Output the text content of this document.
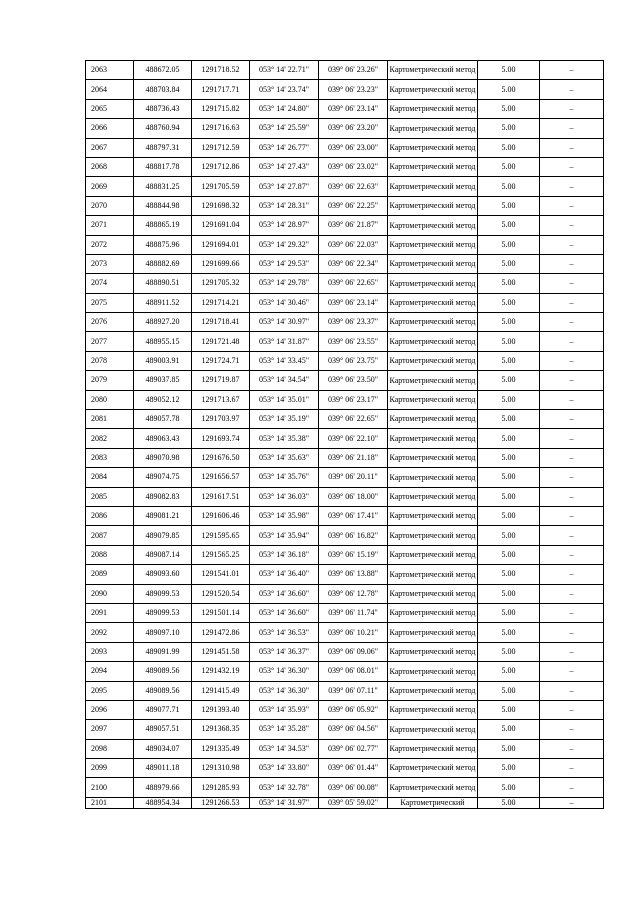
2063	488672.05	1291718.52	053° 14' 22.71"	039° 06' 23.26"	Картометрический метод	5.00	–
2064	488703.84	1291717.71	053° 14' 23.74"	039° 06' 23.23"	Картометрический метод	5.00	–
2065	488736.43	1291715.82	053° 14' 24.80"	039° 06' 23.14"	Картометрический метод	5.00	–
2066	488760.94	1291716.63	053° 14' 25.59"	039° 06' 23.20"	Картометрический метод	5.00	–
2067	488797.31	1291712.59	053° 14' 26.77"	039° 06' 23.00"	Картометрический метод	5.00	–
2068	488817.78	1291712.86	053° 14' 27.43"	039° 06' 23.02"	Картометрический метод	5.00	–
2069	488831.25	1291705.59	053° 14' 27.87"	039° 06' 22.63"	Картометрический метод	5.00	–
2070	488844.98	1291698.32	053° 14' 28.31"	039° 06' 22.25"	Картометрический метод	5.00	–
2071	488865.19	1291691.04	053° 14' 28.97"	039° 06' 21.87"	Картометрический метод	5.00	–
2072	488875.96	1291694.01	053° 14' 29.32"	039° 06' 22.03"	Картометрический метод	5.00	–
2073	488882.69	1291699.66	053° 14' 29.53"	039° 06' 22.34"	Картометрический метод	5.00	–
2074	488890.51	1291705.32	053° 14' 29.78"	039° 06' 22.65"	Картометрический метод	5.00	–
2075	488911.52	1291714.21	053° 14' 30.46"	039° 06' 23.14"	Картометрический метод	5.00	–
2076	488927.20	1291718.41	053° 14' 30.97"	039° 06' 23.37"	Картометрический метод	5.00	–
2077	488955.15	1291721.48	053° 14' 31.87"	039° 06' 23.55"	Картометрический метод	5.00	–
2078	489003.91	1291724.71	053° 14' 33.45"	039° 06' 23.75"	Картометрический метод	5.00	–
2079	489037.85	1291719.87	053° 14' 34.54"	039° 06' 23.50"	Картометрический метод	5.00	–
2080	489052.12	1291713.67	053° 14' 35.01"	039° 06' 23.17"	Картометрический метод	5.00	–
2081	489057.78	1291703.97	053° 14' 35.19"	039° 06' 22.65"	Картометрический метод	5.00	–
2082	489063.43	1291693.74	053° 14' 35.38"	039° 06' 22.10"	Картометрический метод	5.00	–
2083	489070.98	1291676.50	053° 14' 35.63"	039° 06' 21.18"	Картометрический метод	5.00	–
2084	489074.75	1291656.57	053° 14' 35.76"	039° 06' 20.11"	Картометрический метод	5.00	–
2085	489082.83	1291617.51	053° 14' 36.03"	039° 06' 18.00"	Картометрический метод	5.00	–
2086	489081.21	1291606.46	053° 14' 35.98"	039° 06' 17.41"	Картометрический метод	5.00	–
2087	489079.85	1291595.65	053° 14' 35.94"	039° 06' 16.82"	Картометрический метод	5.00	–
2088	489087.14	1291565.25	053° 14' 36.18"	039° 06' 15.19"	Картометрический метод	5.00	–
2089	489093.60	1291541.01	053° 14' 36.40"	039° 06' 13.88"	Картометрический метод	5.00	–
2090	489099.53	1291520.54	053° 14' 36.60"	039° 06' 12.78"	Картометрический метод	5.00	–
2091	489099.53	1291501.14	053° 14' 36.60"	039° 06' 11.74"	Картометрический метод	5.00	–
2092	489097.10	1291472.86	053° 14' 36.53"	039° 06' 10.21"	Картометрический метод	5.00	–
2093	489091.99	1291451.58	053° 14' 36.37"	039° 06' 09.06"	Картометрический метод	5.00	–
2094	489089.56	1291432.19	053° 14' 36.30"	039° 06' 08.01"	Картометрический метод	5.00	–
2095	489089.56	1291415.49	053° 14' 36.30"	039° 06' 07.11"	Картометрический метод	5.00	–
2096	489077.71	1291393.40	053° 14' 35.93"	039° 06' 05.92"	Картометрический метод	5.00	–
2097	489057.51	1291368.35	053° 14' 35.28"	039° 06' 04.56"	Картометрический метод	5.00	–
2098	489034.07	1291335.49	053° 14' 34.53"	039° 06' 02.77"	Картометрический метод	5.00	–
2099	489011.18	1291310.98	053° 14' 33.80"	039° 06' 01.44"	Картометрический метод	5.00	–
2100	488979.66	1291285.93	053° 14' 32.78"	039° 06' 00.08"	Картометрический метод	5.00	–
2101	488954.34	1291266.53	053° 14' 31.97"	039° 05' 59.02"	Картометрический	5.00	–
